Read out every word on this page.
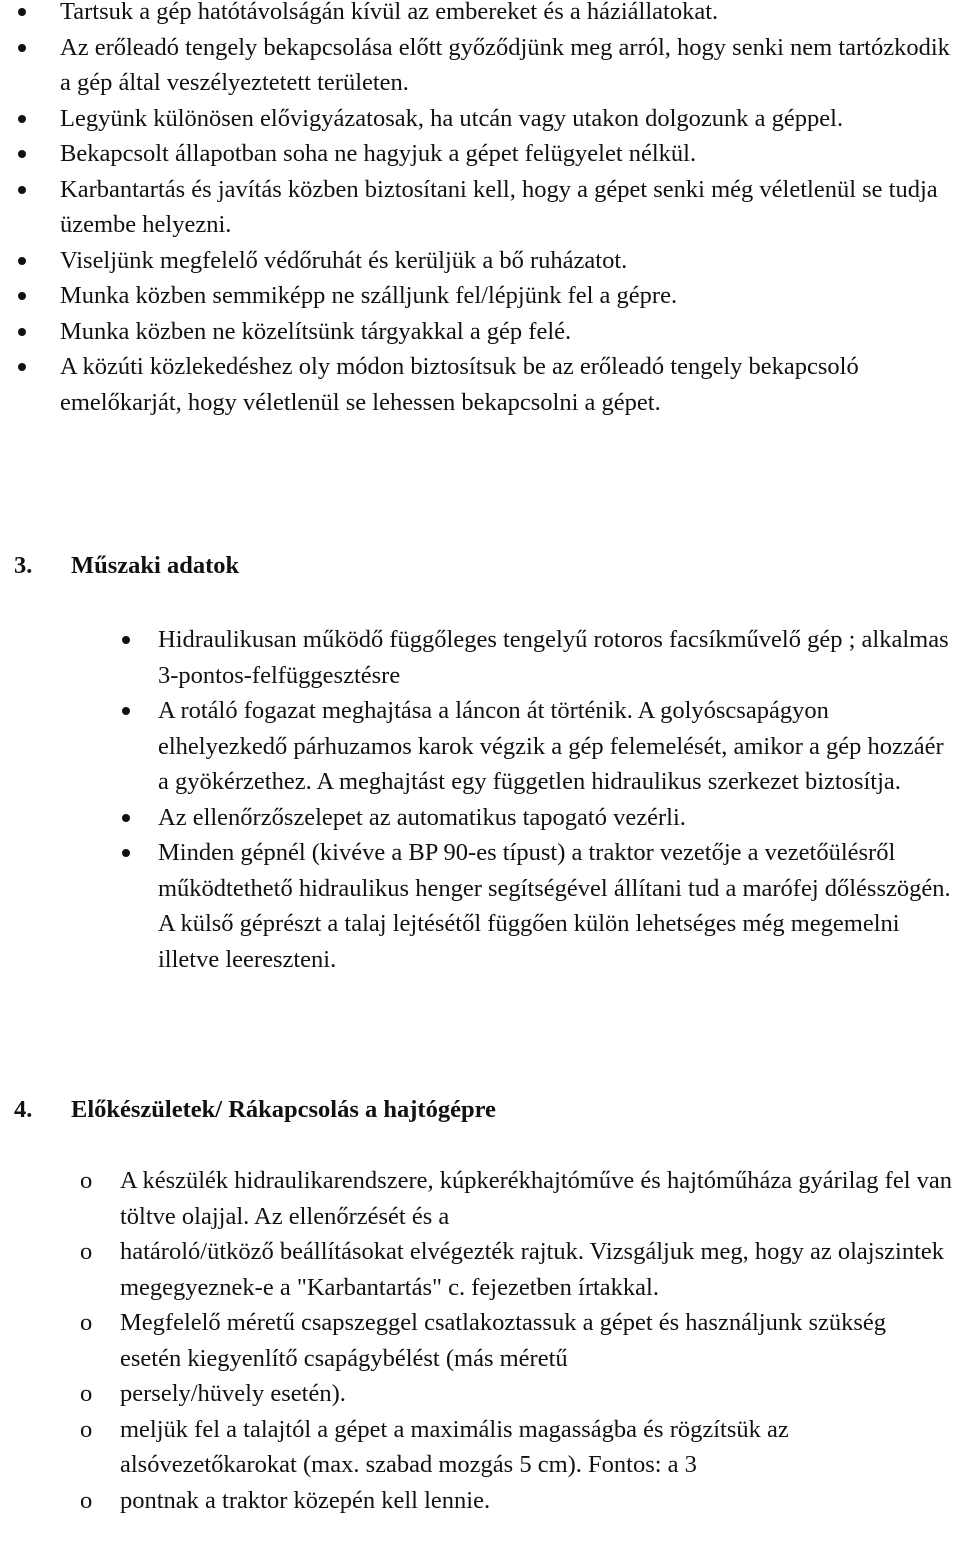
Tartsuk a gép hatótávolságán kívül az embereket és a háziállatokat.
Az erőleadó tengely bekapcsolása előtt győződjünk meg arról, hogy senki nem tartózkodik a gép által veszélyeztetett területen.
Legyünk különösen elővigyázatosak, ha utcán vagy utakon dolgozunk a géppel.
Bekapcsolt állapotban soha ne hagyjuk a gépet felügyelet nélkül.
Karbantartás és javítás közben biztosítani kell, hogy a gépet senki még véletlenül se tudja üzembe helyezni.
Viseljünk megfelelő védőruhát és kerüljük a bő ruházatot.
Munka közben semmiképp ne szálljunk fel/lépjünk fel a gépre.
Munka közben ne közelítsünk tárgyakkal a gép felé.
A közúti közlekedéshez oly módon biztosítsuk be az erőleadó tengely bekapcsoló emelőkarját, hogy véletlenül se lehessen bekapcsolni a gépet.
3. Műszaki adatok
Hidraulikusan működő függőleges tengelyű rotoros facsíkművelő gép ; alkalmas 3-pontos-felfüggesztésre
A rotáló fogazat meghajtása a láncon át történik. A golyóscsapágyon elhelyezkedő párhuzamos karok végzik a gép felemelését, amikor a gép hozzáér a gyökérzethez. A meghajtást egy független hidraulikus szerkezet biztosítja.
Az ellenőrzőszelepet az automatikus tapogató vezérli.
Minden gépnél (kivéve a BP 90-es típust) a traktor vezetője a vezetőülésről működtethető hidraulikus henger segítségével állítani tud a marófej dőlésszögén. A külső géprészt a talaj lejtésétől függően külön lehetséges még megemelni illetve leereszteni.
4. Előkészületek/ Rákapcsolás a hajtógépre
o A készülék hidraulikarendszere, kúpkerékhajtóműve és hajtóműháza gyárilag fel van töltve olajjal. Az ellenőrzését és a
o határoló/ütköző beállításokat elvégezték rajtuk. Vizsgáljuk meg, hogy az olajszintek megegyeznek-e a "Karbantartás" c. fejezetben írtakkal.
o Megfelelő méretű csapszeggel csatlakoztassuk a gépet és használjunk szükség esetén kiegyenlítő csapágybélést (más méretű
o persely/hüvely esetén).
o meljük fel a talajtól a gépet a maximális magasságba és rögzítsük az alsóvezetőkarokat (max. szabad mozgás 5 cm). Fontos: a 3
o pontnak a traktor közepén kell lennie.
